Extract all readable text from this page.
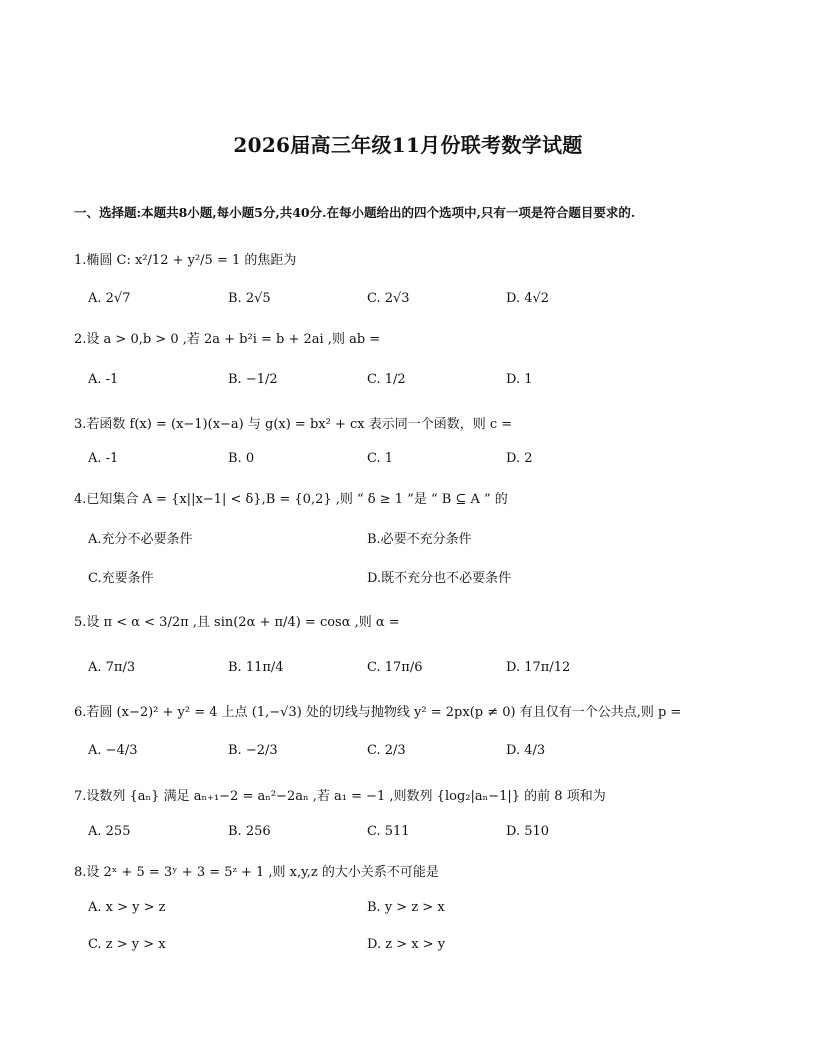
2026届高三年级11月份联考数学试题
一、选择题:本题共8小题,每小题5分,共40分.在每小题给出的四个选项中,只有一项是符合题目要求的.
1.椭圆 C: x²/12 + y²/5 = 1 的焦距为
A. 2√7	B. 2√5	C. 2√3	D. 4√2
2.设 a > 0,b > 0 ,若 2a + b²i = b + 2ai ,则 ab =
A. -1	B. −1/2	C. 1/2	D. 1
3.若函数 f(x) = (x−1)(x−a) 与 g(x) = bx² + cx 表示同一个函数，则 c =
A. -1	B. 0	C. 1	D. 2
4.已知集合 A = {x||x−1| < δ},B = {0,2} ,则 “ δ ≥ 1 ”是 “ B ⊆ A ” 的
A.充分不必要条件	B.必要不充分条件
C.充要条件	D.既不充分也不必要条件
5.设 π < α < 3/2π ,且 sin(2α + π/4) = cosα ,则 α =
A. 7π/3	B. 11π/4	C. 17π/6	D. 17π/12
6.若圆 (x−2)² + y² = 4 上点 (1,−√3) 处的切线与抛物线 y² = 2px(p ≠ 0) 有且仅有一个公共点,则 p =
A. −4/3	B. −2/3	C. 2/3	D. 4/3
7.设数列 {aₙ} 满足 aₙ₊₁−2 = aₙ²−2aₙ ,若 a₁ = −1 ,则数列 {log₂|aₙ−1|} 的前 8 项和为
A. 255	B. 256	C. 511	D. 510
8.设 2ˣ + 5 = 3ʸ + 3 = 5ᶻ + 1 ,则 x,y,z 的大小关系不可能是
A. x > y > z	B. y > z > x
C. z > y > x	D. z > x > y
